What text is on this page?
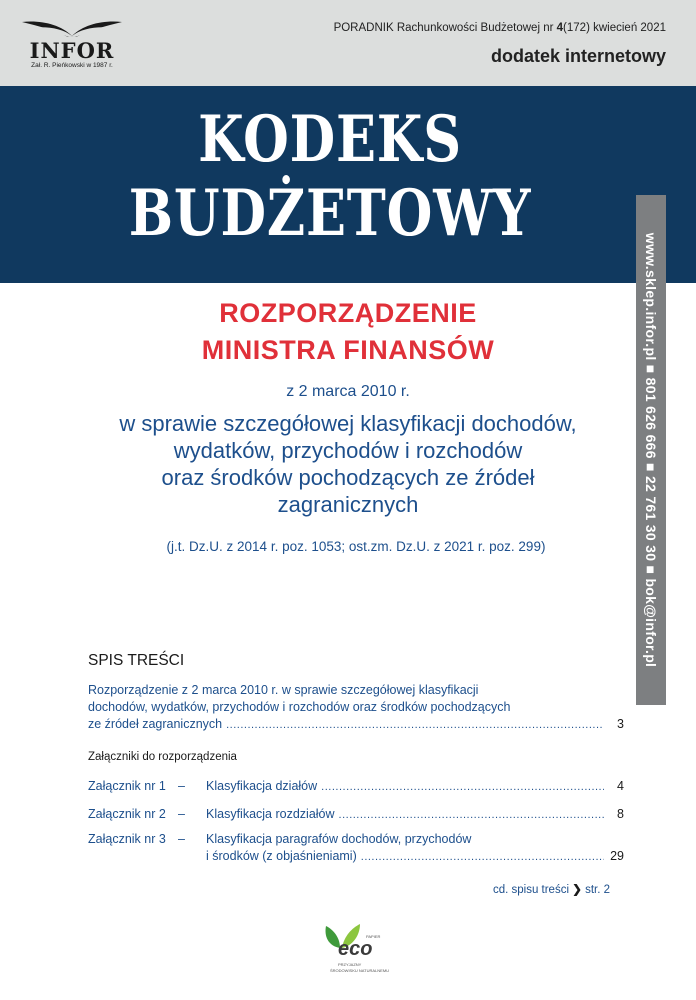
INFOR
Zał. R. Pieńkowski w 1987 r.
PORADNIK Rachunkowości Budżetowej nr 4(172) kwiecień 2021
dodatek internetowy
KODEKS
BUDŻETOWY
www.sklep.infor.pl ■ 801 626 666 ■ 22 761 30 30 ■ bok@infor.pl
ROZPORZĄDZENIE
MINISTRA FINANSÓW
z 2 marca 2010 r.
w sprawie szczegółowej klasyfikacji dochodów,
wydatków, przychodów i rozchodów
oraz środków pochodzących ze źródeł
zagranicznych
(j.t. Dz.U. z 2014 r. poz. 1053; ost.zm. Dz.U. z 2021 r. poz. 299)
SPIS TREŚCI
Rozporządzenie z 2 marca 2010 r. w sprawie szczegółowej klasyfikacji
dochodów, wydatków, przychodów i rozchodów oraz środków pochodzących
ze źródeł zagranicznych .....	3
Załączniki do rozporządzenia
Załącznik nr 1 –	Klasyfikacja działów .....	4
Załącznik nr 2 –	Klasyfikacja rozdziałów .....	8
Załącznik nr 3 –	Klasyfikacja paragrafów dochodów, przychodów
i środków (z objaśnieniami) .....	29
cd. spisu treści ❯ str. 2
PAPIER
eco
PRZYJAZNY
ŚRODOWISKU NATURALNEMU
